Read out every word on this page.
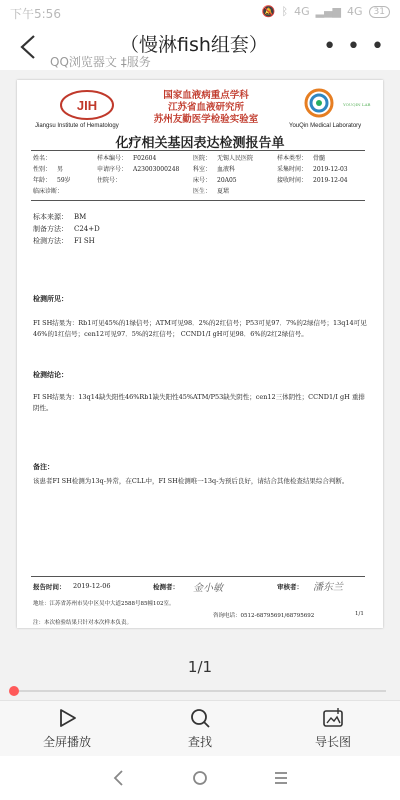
下午5:56	🔕 ᛒ 4G ▂▄▆ 4G	31
（慢淋fish组套）
QQ浏览器文 ‡服务
• • •
JIH
Jiangsu Institute of Hematology
国家血液病重点学科
江苏省血液研究所
苏州友勤医学检验实验室
YouQin Medical Laboratory
YOUQIN LAB
化疗相关基因表达检测报告单
姓名：	样本编号： F02604	医院： 无锡人民医院	样本类型： 骨髓
性别： 男	申请序号： A23003000248 科室： 血液科	采集时间： 2019-12-03
年龄： 59岁	住院号：	床号： 20A05	接收时间： 2019-12-04
临床诊断：	医生： 夏珺
标本来源： BM
制备方法： C24+D
检测方法： FI SH
检测所见：
FI SH结果为：Rb1可见45%的1绿信号；ATM可见98．2%的2红信号；P53可见97．7%的2绿信号；13q14可见46%的1红信号；cen12可见97．5%的2红信号； CCND1/I gH可见98．6%的2红2绿信号。
检测结论：
FI SH结果为：13q14缺失阳性46%Rb1缺失阳性45%ATM/P53缺失阴性；cen12三体阴性；CCND1/I gH 重排阴性。
备注：
该患者FI SH检测为13q-异常，在CLL中，FI SH检测唯一13q-为预后良好，请结合其他检查结果综合判断。
报告时间： 2019-12-06	检测者： 金小敏	审核者： 潘东兰
地址：江苏省苏州市吴中区吴中大道2588号85幢102室。
咨询电话：0512-68795691/68795692	1/1
注：本次检验结果只针对本次样本负责。
1/1
全屏播放	查找	导长图
